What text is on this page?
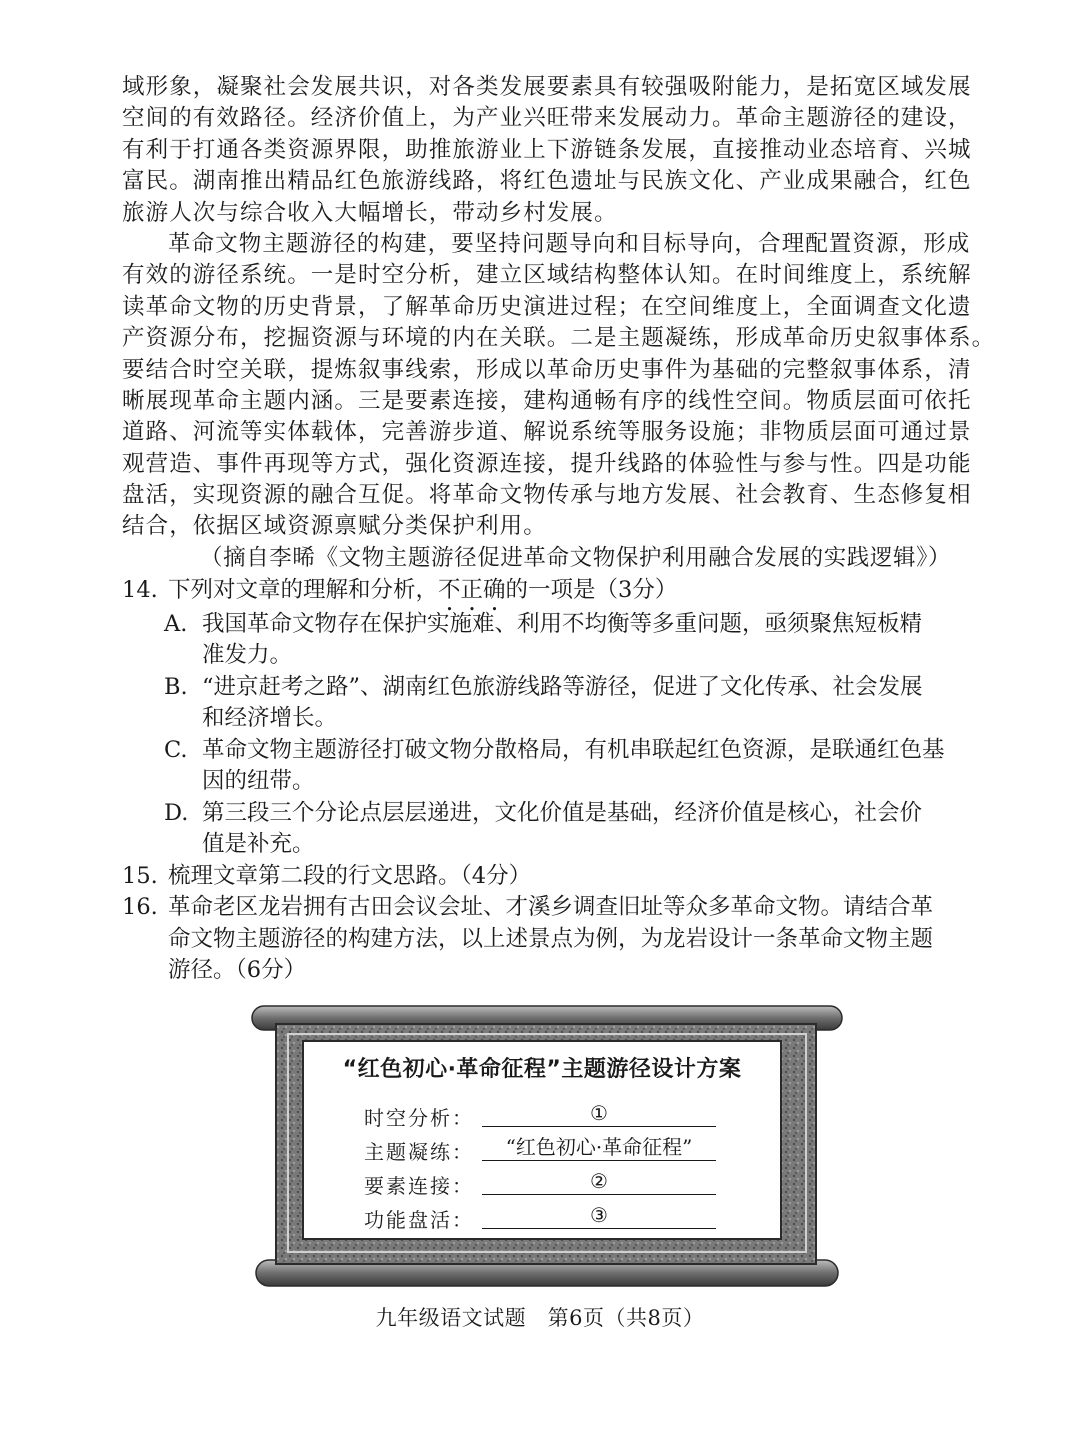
域形象，凝聚社会发展共识，对各类发展要素具有较强吸附能力，是拓宽区域发展
空间的有效路径。经济价值上，为产业兴旺带来发展动力。革命主题游径的建设，
有利于打通各类资源界限，助推旅游业上下游链条发展，直接推动业态培育、兴城
富民。湖南推出精品红色旅游线路，将红色遗址与民族文化、产业成果融合，红色
旅游人次与综合收入大幅增长，带动乡村发展。
革命文物主题游径的构建，要坚持问题导向和目标导向，合理配置资源，形成
有效的游径系统。一是时空分析，建立区域结构整体认知。在时间维度上，系统解
读革命文物的历史背景，了解革命历史演进过程；在空间维度上，全面调查文化遗
产资源分布，挖掘资源与环境的内在关联。二是主题凝练，形成革命历史叙事体系。
要结合时空关联，提炼叙事线索，形成以革命历史事件为基础的完整叙事体系，清
晰展现革命主题内涵。三是要素连接，建构通畅有序的线性空间。物质层面可依托
道路、河流等实体载体，完善游步道、解说系统等服务设施；非物质层面可通过景
观营造、事件再现等方式，强化资源连接，提升线路的体验性与参与性。四是功能
盘活，实现资源的融合互促。将革命文物传承与地方发展、社会教育、生态修复相
结合，依据区域资源禀赋分类保护利用。
（摘自李晞《文物主题游径促进革命文物保护利用融合发展的实践逻辑》）
14. 下列对文章的理解和分析，不正确的一项是（3分）
A. 我国革命文物存在保护实施难、利用不均衡等多重问题，亟须聚焦短板精
准发力。
B. “进京赶考之路”、湖南红色旅游线路等游径，促进了文化传承、社会发展
和经济增长。
C. 革命文物主题游径打破文物分散格局，有机串联起红色资源，是联通红色基
因的纽带。
D. 第三段三个分论点层层递进，文化价值是基础，经济价值是核心，社会价
值是补充。
15. 梳理文章第二段的行文思路。（4分）
16. 革命老区龙岩拥有古田会议会址、才溪乡调查旧址等众多革命文物。请结合革
命文物主题游径的构建方法，以上述景点为例，为龙岩设计一条革命文物主题
游径。（6分）
“红色初心·革命征程”主题游径设计方案
时空分析：	①
主题凝练：	“红色初心·革命征程”
要素连接：	②
功能盘活：	③
九年级语文试题　第6页（共8页）
